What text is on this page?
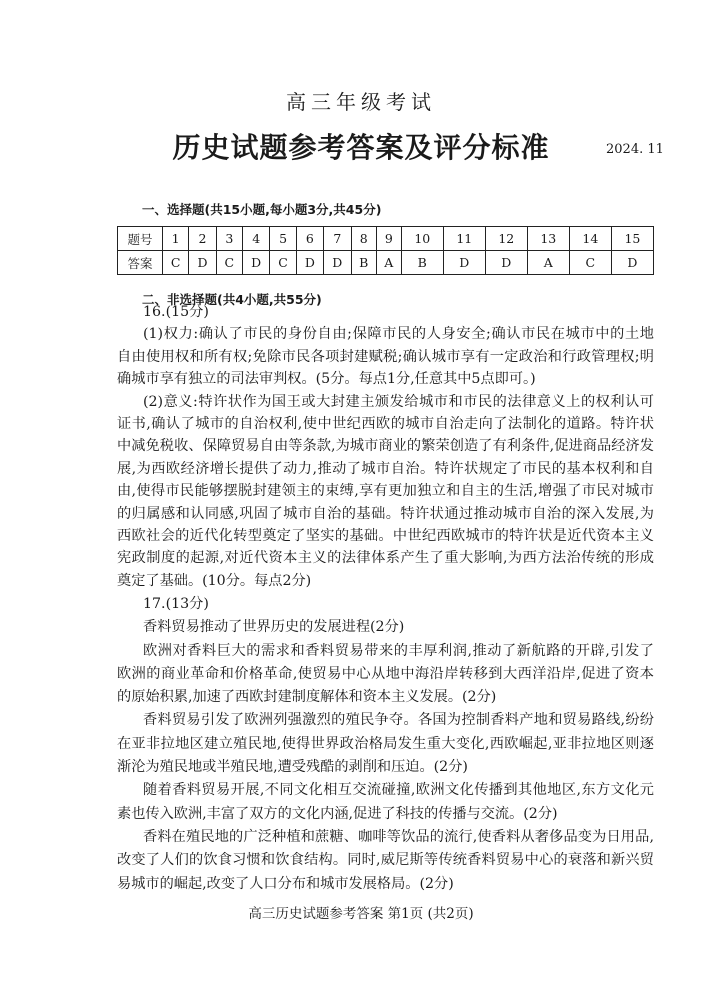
高三年级考试
历史试题参考答案及评分标准	2024. 11
一、选择题(共15小题,每小题3分,共45分)
题号	1	2	3	4	5	6	7	8	9	10	11	12	13	14	15
答案	C	D	C	D	C	D	D	B	A	B	D	D	A	C	D
二、非选择题(共4小题,共55分)
16.(15分)
(1)权力:确认了市民的身份自由;保障市民的人身安全;确认市民在城市中的土地
自由使用权和所有权;免除市民各项封建赋税;确认城市享有一定政治和行政管理权;明
确城市享有独立的司法审判权。(5分。每点1分,任意其中5点即可。)
(2)意义:特许状作为国王或大封建主颁发给城市和市民的法律意义上的权利认可
证书,确认了城市的自治权利,使中世纪西欧的城市自治走向了法制化的道路。特许状
中减免税收、保障贸易自由等条款,为城市商业的繁荣创造了有利条件,促进商品经济发
展,为西欧经济增长提供了动力,推动了城市自治。特许状规定了市民的基本权利和自
由,使得市民能够摆脱封建领主的束缚,享有更加独立和自主的生活,增强了市民对城市
的归属感和认同感,巩固了城市自治的基础。特许状通过推动城市自治的深入发展,为
西欧社会的近代化转型奠定了坚实的基础。中世纪西欧城市的特许状是近代资本主义
宪政制度的起源,对近代资本主义的法律体系产生了重大影响,为西方法治传统的形成
奠定了基础。(10分。每点2分)
17.(13分)
香料贸易推动了世界历史的发展进程(2分)
欧洲对香料巨大的需求和香料贸易带来的丰厚利润,推动了新航路的开辟,引发了
欧洲的商业革命和价格革命,使贸易中心从地中海沿岸转移到大西洋沿岸,促进了资本
的原始积累,加速了西欧封建制度解体和资本主义发展。(2分)
香料贸易引发了欧洲列强激烈的殖民争夺。各国为控制香料产地和贸易路线,纷纷
在亚非拉地区建立殖民地,使得世界政治格局发生重大变化,西欧崛起,亚非拉地区则逐
渐沦为殖民地或半殖民地,遭受残酷的剥削和压迫。(2分)
随着香料贸易开展,不同文化相互交流碰撞,欧洲文化传播到其他地区,东方文化元
素也传入欧洲,丰富了双方的文化内涵,促进了科技的传播与交流。(2分)
香料在殖民地的广泛种植和蔗糖、咖啡等饮品的流行,使香料从奢侈品变为日用品,
改变了人们的饮食习惯和饮食结构。同时,威尼斯等传统香料贸易中心的衰落和新兴贸
易城市的崛起,改变了人口分布和城市发展格局。(2分)
高三历史试题参考答案 第1页 (共2页)
